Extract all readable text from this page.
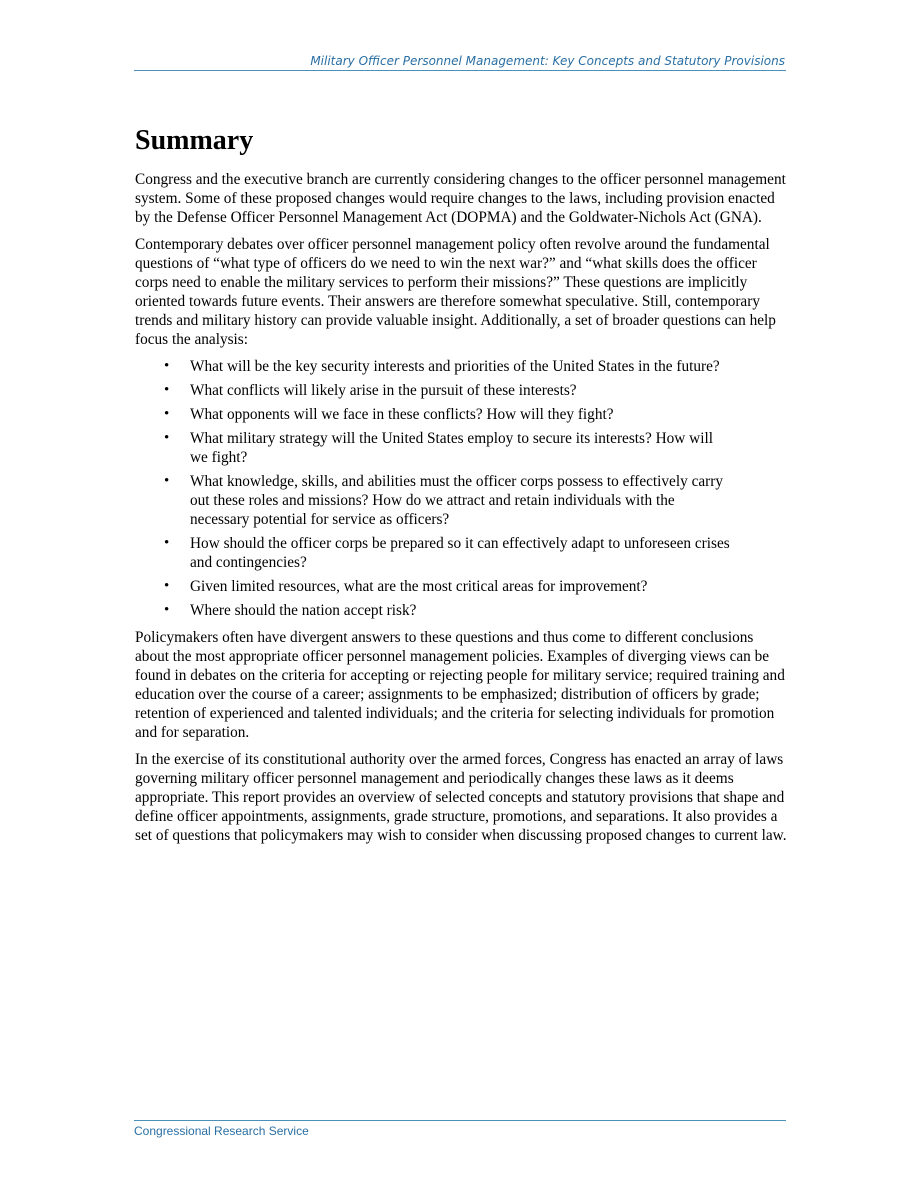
Military Officer Personnel Management: Key Concepts and Statutory Provisions
Summary

Congress and the executive branch are currently considering changes to the officer personnel management system. Some of these proposed changes would require changes to the laws, including provision enacted by the Defense Officer Personnel Management Act (DOPMA) and the Goldwater-Nichols Act (GNA).

Contemporary debates over officer personnel management policy often revolve around the fundamental questions of “what type of officers do we need to win the next war?” and “what skills does the officer corps need to enable the military services to perform their missions?” These questions are implicitly oriented towards future events. Their answers are therefore somewhat speculative. Still, contemporary trends and military history can provide valuable insight. Additionally, a set of broader questions can help focus the analysis:

• What will be the key security interests and priorities of the United States in the future?
• What conflicts will likely arise in the pursuit of these interests?
• What opponents will we face in these conflicts? How will they fight?
• What military strategy will the United States employ to secure its interests? How will we fight?
• What knowledge, skills, and abilities must the officer corps possess to effectively carry out these roles and missions? How do we attract and retain individuals with the necessary potential for service as officers?
• How should the officer corps be prepared so it can effectively adapt to unforeseen crises and contingencies?
• Given limited resources, what are the most critical areas for improvement?
• Where should the nation accept risk?

Policymakers often have divergent answers to these questions and thus come to different conclusions about the most appropriate officer personnel management policies. Examples of diverging views can be found in debates on the criteria for accepting or rejecting people for military service; required training and education over the course of a career; assignments to be emphasized; distribution of officers by grade; retention of experienced and talented individuals; and the criteria for selecting individuals for promotion and for separation.

In the exercise of its constitutional authority over the armed forces, Congress has enacted an array of laws governing military officer personnel management and periodically changes these laws as it deems appropriate. This report provides an overview of selected concepts and statutory provisions that shape and define officer appointments, assignments, grade structure, promotions, and separations. It also provides a set of questions that policymakers may wish to consider when discussing proposed changes to current law.

Congressional Research Service
